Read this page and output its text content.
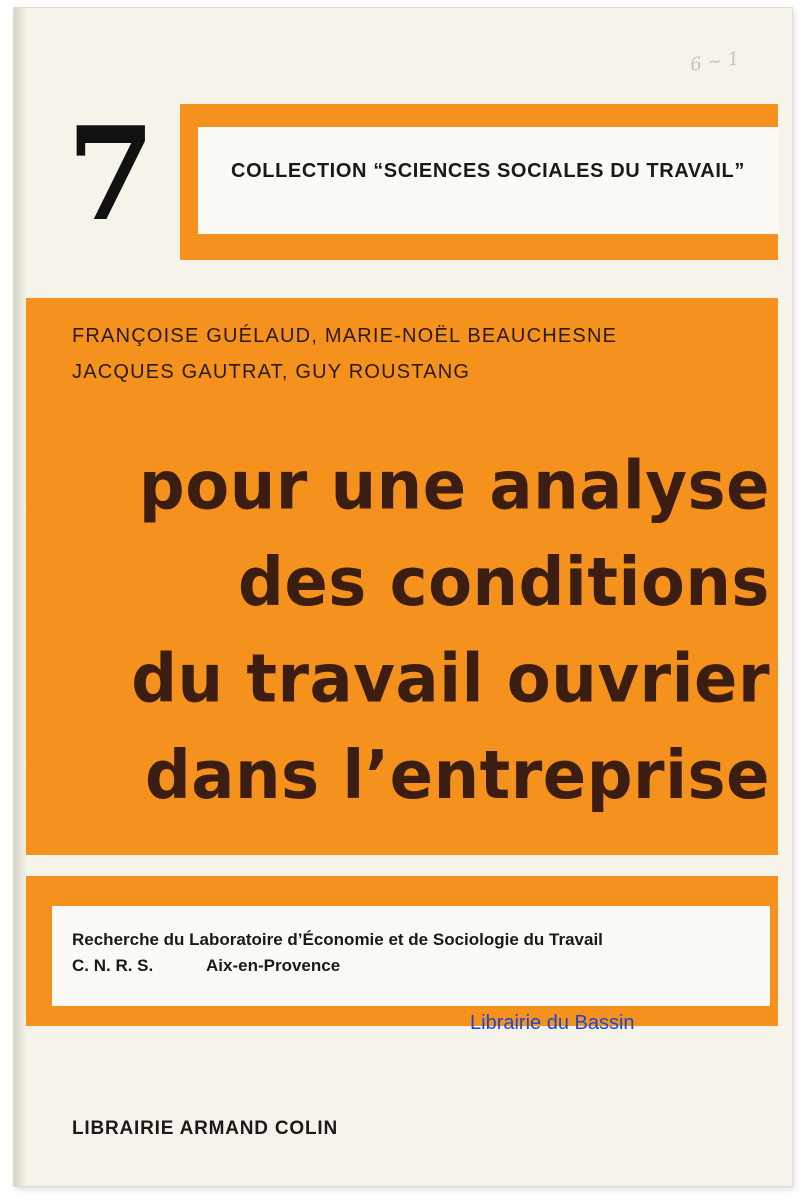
6 ~ 1
7	COLLECTION “SCIENCES SOCIALES DU TRAVAIL”
FRANÇOISE GUÉLAUD, MARIE-NOËL BEAUCHESNE
JACQUES GAUTRAT, GUY ROUSTANG
pour une analyse
des conditions
du travail ouvrier
dans l’entreprise
Recherche du Laboratoire d’Économie et de Sociologie du Travail
C. N. R. S.	Aix-en-Provence
Librairie du Bassin
LIBRAIRIE ARMAND COLIN
